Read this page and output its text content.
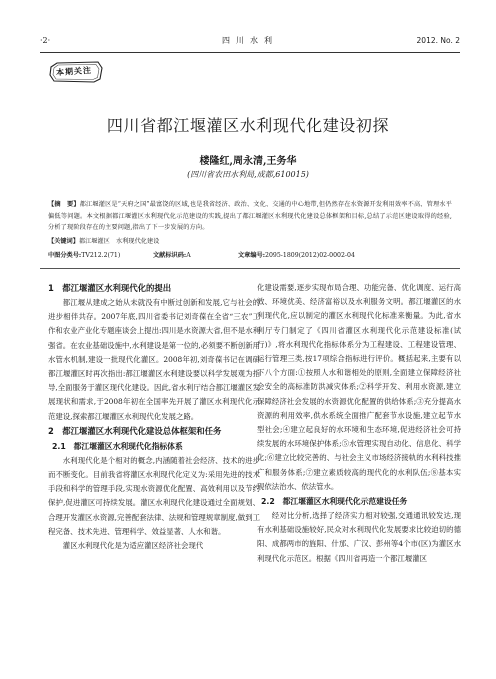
·2·	四川水利	2012. No. 2
本期关注
四川省都江堰灌区水利现代化建设初探
楼隆红,周永清,王务华
(四川省农田水利局,成都,610015)
【摘　要】都江堰灌区是“天府之国”最富饶的区域,也是我省经济、政治、文化、交通的中心地带,但仍然存在水资源开发利用效率不高、管理水平偏低等问题。本文根据都江堰灌区水利现代化示范建设的实践,提出了都江堰灌区水利现代化建设总体框架和目标,总结了示范区建设取得的经验,分析了现阶段存在的主要问题,指出了下一步发展的方向。
【关键词】都江堰灌区　水利现代化建设
中图分类号:TV212.2(71)	文献标识码:A	文章编号:2095-1809(2012)02-0002-04

1　都江堰灌区水利现代化的提出

都江堰从建成之始从未就没有中断过创新和发展,它与社会的进步相伴共存。2007年底,四川省委书记刘奇葆在全省“三农”工作和农业产业化专题座谈会上提出:四川是水资源大省,但不是水利强省。在农业基础设施中,水利建设是第一位的,必须要不断创新用水管水机制,建设一批现代化灌区。2008年初,刘奇葆书记在调研都江堰灌区时再次指出:都江堰灌区水利建设要以科学发展观为指导,全面服务于灌区现代化建设。因此,省水利厅结合都江堰灌区发展现状和需求,于2008年初在全国率先开展了灌区水利现代化示范建设,探索都江堰灌区水利现代化发展之路。

2　都江堰灌区水利现代化建设总体框架和任务

2.1　都江堰灌区水利现代化指标体系

水利现代化是个相对的概念,内涵随着社会经济、技术的进步而不断变化。目前我省将灌区水利现代化定义为:采用先进的技术手段和科学的管理手段,实现水资源优化配置、高效利用以及节约保护,促进灌区可持续发展。灌区水利现代化建设通过全面规划、合理开发灌区水资源,完善配套法律、法规和管理规章制度,做到工程完备、技术先进、管理科学、效益显著、人水和谐。

灌区水利现代化是为适应灌区经济社会现代

化建设需要,逐步实现布局合理、功能完备、优化调度、运行高效、环境优美、经济富裕以及水利服务文明。都江堰灌区的水利现代化,应以制定的灌区水利现代化标准来衡量。为此,省水利厅专门制定了《四川省灌区水利现代化示范建设标准(试行)》,将水利现代化指标体系分为工程建设、工程建设管理、运行管理三类,按17项综合指标进行评价。概括起来,主要有以下八个方面:①按照人水和谐相处的原则,全面建立保障经济社会安全的高标准防洪减灾体系;②科学开发、利用水资源,建立保障经济社会发展的水资源优化配置的供给体系;③充分提高水资源的利用效率,供水系统全面推广配套节水设施,建立起节水型社会;④建立起良好的水环境和生态环境,促进经济社会可持续发展的水环境保护体系;⑤水管理实现自动化、信息化、科学化;⑥建立比较完善的、与社会主义市场经济接轨的水利科技推广和服务体系;⑦建立素质较高的现代化的水利队伍;⑧基本实现依法治水、依法管水。

2.2　都江堰灌区水利现代化示范建设任务

经对比分析,选择了经济实力相对较强,交通通讯较发达,现有水利基础设施较好,民众对水利现代化发展要求比较迫切的德阳、成都两市的旌阳、什邡、广汉、彭州等4个市(区)为灌区水利现代化示范区。根据《四川省再造一个都江堰灌区
